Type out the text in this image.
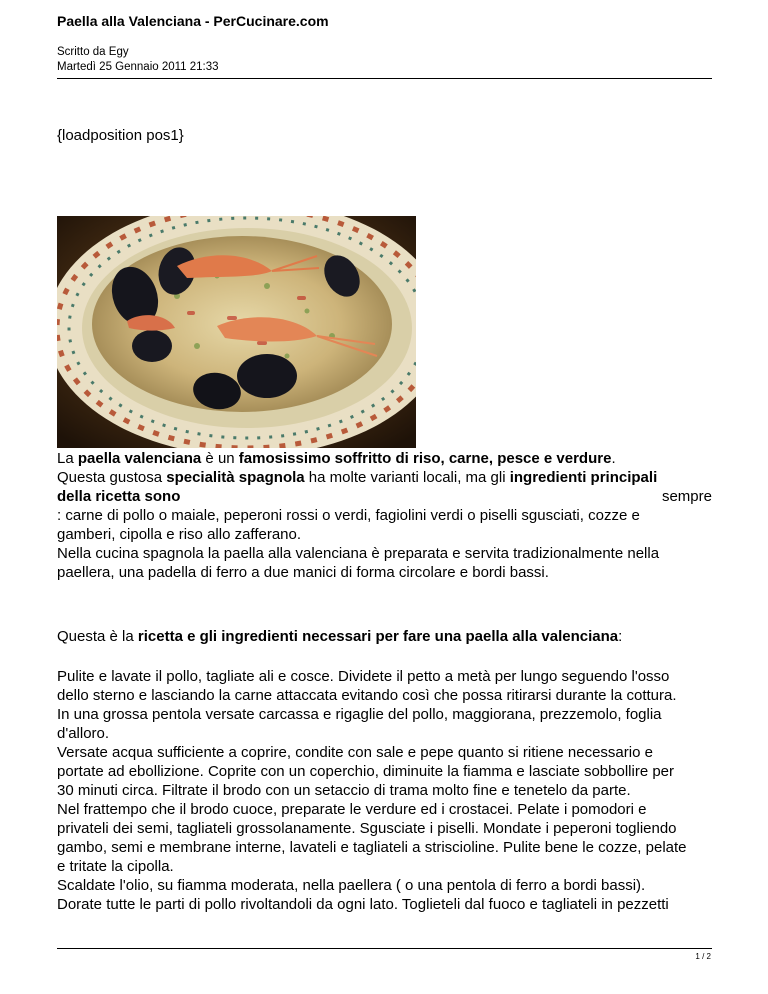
Paella alla Valenciana - PerCucinare.com
Scritto da Egy
Martedì 25 Gennaio 2011 21:33
{loadposition pos1}

La paella valenciana è un famosissimo soffritto di riso, carne, pesce e verdure.

Questa gustosa specialità spagnola ha molte varianti locali, ma gli ingredienti principali

della ricetta sono	sempre

: carne di pollo o maiale, peperoni rossi o verdi, fagiolini verdi o piselli sgusciati, cozze e

gamberi, cipolla e riso allo zafferano.

Nella cucina spagnola la paella alla valenciana è preparata e servita tradizionalmente nella

paellera, una padella di ferro a due manici di forma circolare e bordi bassi.

Questa è la ricetta e gli ingredienti necessari per fare una paella alla valenciana:

Pulite e lavate il pollo, tagliate ali e cosce. Dividete il petto a metà per lungo seguendo l'osso

dello sterno e lasciando la carne attaccata evitando così che possa ritirarsi durante la cottura.

In una grossa pentola versate carcassa e rigaglie del pollo, maggiorana, prezzemolo, foglia

d'alloro.

Versate acqua sufficiente a coprire, condite con sale e pepe quanto si ritiene necessario e

portate ad ebollizione. Coprite con un coperchio, diminuite la fiamma e lasciate sobbollire per

30 minuti circa. Filtrate il brodo con un setaccio di trama molto fine e tenetelo da parte.

Nel frattempo che il brodo cuoce, preparate le verdure ed i crostacei. Pelate i pomodori e

privateli dei semi, tagliateli grossolanamente. Sgusciate i piselli. Mondate i peperoni togliendo

gambo, semi e membrane interne, lavateli e tagliateli a striscioline. Pulite bene le cozze, pelate

e tritate la cipolla.

Scaldate l'olio, su fiamma moderata, nella paellera ( o una pentola di ferro a bordi bassi).

Dorate tutte le parti di pollo rivoltandoli da ogni lato. Toglieteli dal fuoco e tagliateli in pezzetti

1 / 2
